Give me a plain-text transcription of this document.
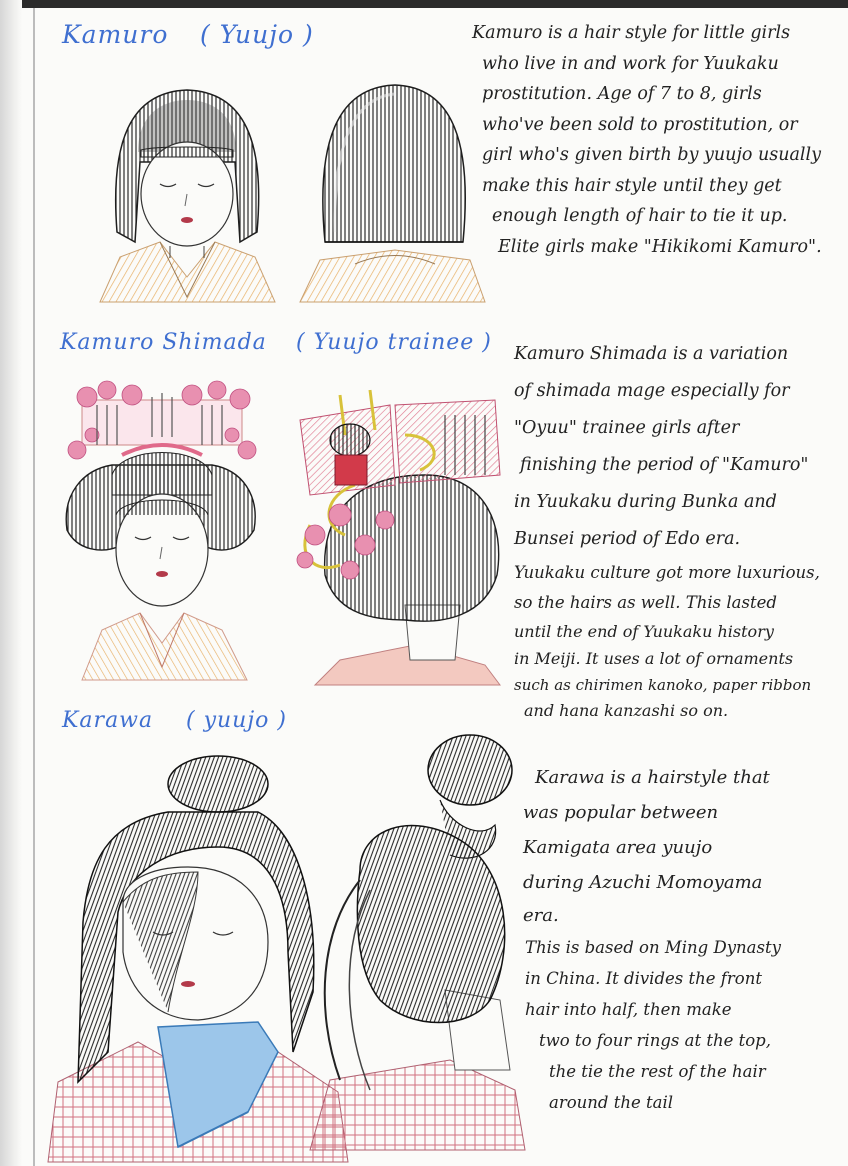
Kamuro ( Yuujo )	Kamuro is a hair style for little girls
who live in and work for Yuukaku
prostitution. Age of 7 to 8, girls
who've been sold to prostitution, or
girl who's given birth by yuujo usually
make this hair style until they get
enough length of hair to tie it up.
Elite girls make "Hikikomi Kamuro".
Kamuro Shimada ( Yuujo trainee ) Kamuro Shimada is a variation
of shimada mage especially for
"Oyuu" trainee girls after
finishing the period of "Kamuro"
in Yuukaku during Bunka and
Bunsei period of Edo era.
Yuukaku culture got more luxurious,
so the hairs as well. This lasted
until the end of Yuukaku history
in Meiji. It uses a lot of ornaments
such as chirimen kanoko, paper ribbon
and hana kanzashi so on.
Karawa ( yuujo )
Karawa is a hairstyle that
was popular between
Kamigata area yuujo
during Azuchi Momoyama
era.
This is based on Ming Dynasty
in China. It divides the front
hair into half, then make
two to four rings at the top,
the tie the rest of the hair
around the tail
